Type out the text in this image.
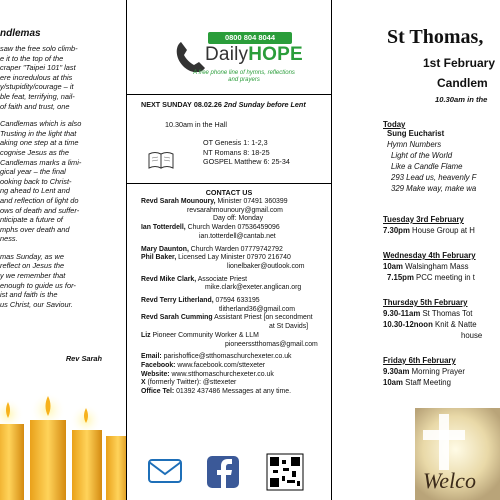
ndlemas

saw the free solo climb-
e it to the top of the
craper "Taipei 101" last
ere incredulous at this
y/stupidity/courage – it
ble feat, terrifying, nail-
of faith and trust, one

Candlemas which is also
Trusting in the light that
aking one step at a time
cognise Jesus as the
Candlemas marks a limi-
gical year – the final
ooking back to Christ-
ng ahead to Lent and
and reflection of light do
ows of death and suffer-
nticipate a future of
mphs over death and
ness.

mas Sunday, as we
reflect on Jesus the
y we remember that
enough to guide us for-
ist and faith is the
us Christ, our Saviour.

Rev Sarah
0800 804 8044
DailyHOPE
A free phone line of hymns, reflections and prayers
NEXT SUNDAY 08.02.26 2nd Sunday before Lent
10.30am in the Hall
OT Genesis 1: 1-2,3
NT Romans 8: 18-25
GOSPEL Matthew 6: 25-34
CONTACT US
Revd Sarah Mounoury, Minister 07491 360399
revsarahmounoury@gmail.com
Day off: Monday
Ian Totterdell, Church Warden 07536459096
ian.totterdell@cantab.net
Mary Daunton, Church Warden 07779742792
Phil Baker, Licensed Lay Minister 07970 216740
lionelbaker@outlook.com
Revd Mike Clark, Associate Priest
mike.clark@exeter.anglican.org
Revd Terry Litherland, 07594 633195
tlitherland36@gmail.com
Revd Sarah Cumming Assistant Priest [on secondment
at St Davids]
Liz Pioneer Community Worker & LLM
pioneersstthomas@gmail.com
Email: parishoffice@stthomaschurchexeter.co.uk
Facebook: www.facebook.com/sttexeter
Website: www.stthomaschurchexeter.co.uk
X (formerly Twitter): @sttexeter
Office Tel: 01392 437486 Messages at any time.
St Thomas,
1st February
Candlem
10.30am in the
Today
Sung Eucharist
Hymn Numbers
Light of the World
Like a Candle Flame
293 Lead us, heavenly F
329 Make way, make wa
Tuesday 3rd February
7.30pm House Group at H
Wednesday 4th February
10am Walsingham Mass
7.15pm PCC meeting in t
Thursday 5th February
9.30-11am St Thomas Tot
10.30-12noon Knit & Natte
house
Friday 6th February
9.30am Morning Prayer
10am Staff Meeting
Welco
